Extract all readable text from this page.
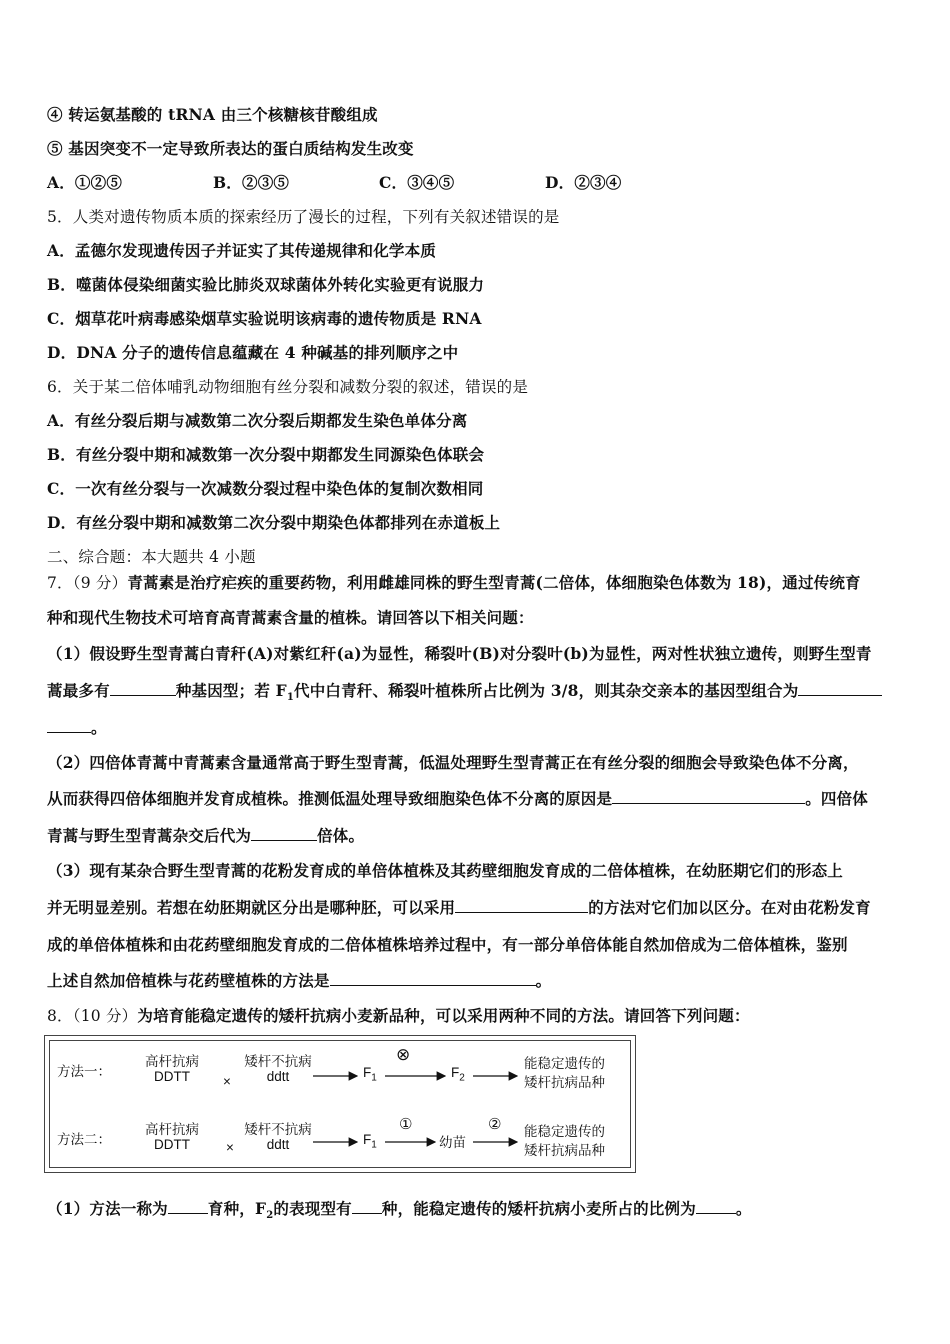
④ 转运氨基酸的 tRNA 由三个核糖核苷酸组成
⑤ 基因突变不一定导致所表达的蛋白质结构发生改变
A．①②⑤	B．②③⑤	C．③④⑤	D．②③④
5．人类对遗传物质本质的探索经历了漫长的过程，下列有关叙述错误的是
A．孟德尔发现遗传因子并证实了其传递规律和化学本质
B．噬菌体侵染细菌实验比肺炎双球菌体外转化实验更有说服力
C．烟草花叶病毒感染烟草实验说明该病毒的遗传物质是 RNA
D．DNA 分子的遗传信息蕴藏在 4 种碱基的排列顺序之中
6．关于某二倍体哺乳动物细胞有丝分裂和减数分裂的叙述，错误的是
A．有丝分裂后期与减数第二次分裂后期都发生染色单体分离
B．有丝分裂中期和减数第一次分裂中期都发生同源染色体联会
C．一次有丝分裂与一次减数分裂过程中染色体的复制次数相同
D．有丝分裂中期和减数第二次分裂中期染色体都排列在赤道板上
二、综合题：本大题共 4 小题
7．（9 分）青蒿素是治疗疟疾的重要药物，利用雌雄同株的野生型青蒿(二倍体，体细胞染色体数为 18)，通过传统育
种和现代生物技术可培育高青蒿素含量的植株。请回答以下相关问题：
（1）假设野生型青蒿白青秆(A)对紫红秆(a)为显性，稀裂叶(B)对分裂叶(b)为显性，两对性状独立遗传，则野生型青
蒿最多有	种基因型；若 $F_1$代中白青秆、稀裂叶植株所占比例为 3/8，则其杂交亲本的基因型组合为
。
（2）四倍体青蒿中青蒿素含量通常高于野生型青蒿，低温处理野生型青蒿正在有丝分裂的细胞会导致染色体不分离，
从而获得四倍体细胞并发育成植株。推测低温处理导致细胞染色体不分离的原因是	。四倍体
青蒿与野生型青蒿杂交后代为	倍体。
（3）现有某杂合野生型青蒿的花粉发育成的单倍体植株及其药壁细胞发育成的二倍体植株，在幼胚期它们的形态上
并无明显差别。若想在幼胚期就区分出是哪种胚，可以采用	的方法对它们加以区分。在对由花粉发育
成的单倍体植株和由花药壁细胞发育成的二倍体植株培养过程中，有一部分单倍体能自然加倍成为二倍体植株，鉴别
上述自然加倍植株与花药壁植株的方法是	。
8．（10 分）为培育能稳定遗传的矮杆抗病小麦新品种，可以采用两种不同的方法。请回答下列问题：
方法一：
高杆抗病
DDTT	×
矮杆不抗病
ddtt	$F_1$
⊗
$F_2$
能稳定遗传的
矮杆抗病品种
方法二：
高杆抗病
DDTT	×
矮杆不抗病
ddtt	$F_1$
①
幼苗
② 能稳定遗传的
矮杆抗病品种
（1）方法一称为	育种，$F_2$的表现型有 种，能稳定遗传的矮杆抗病小麦所占的比例为	。
